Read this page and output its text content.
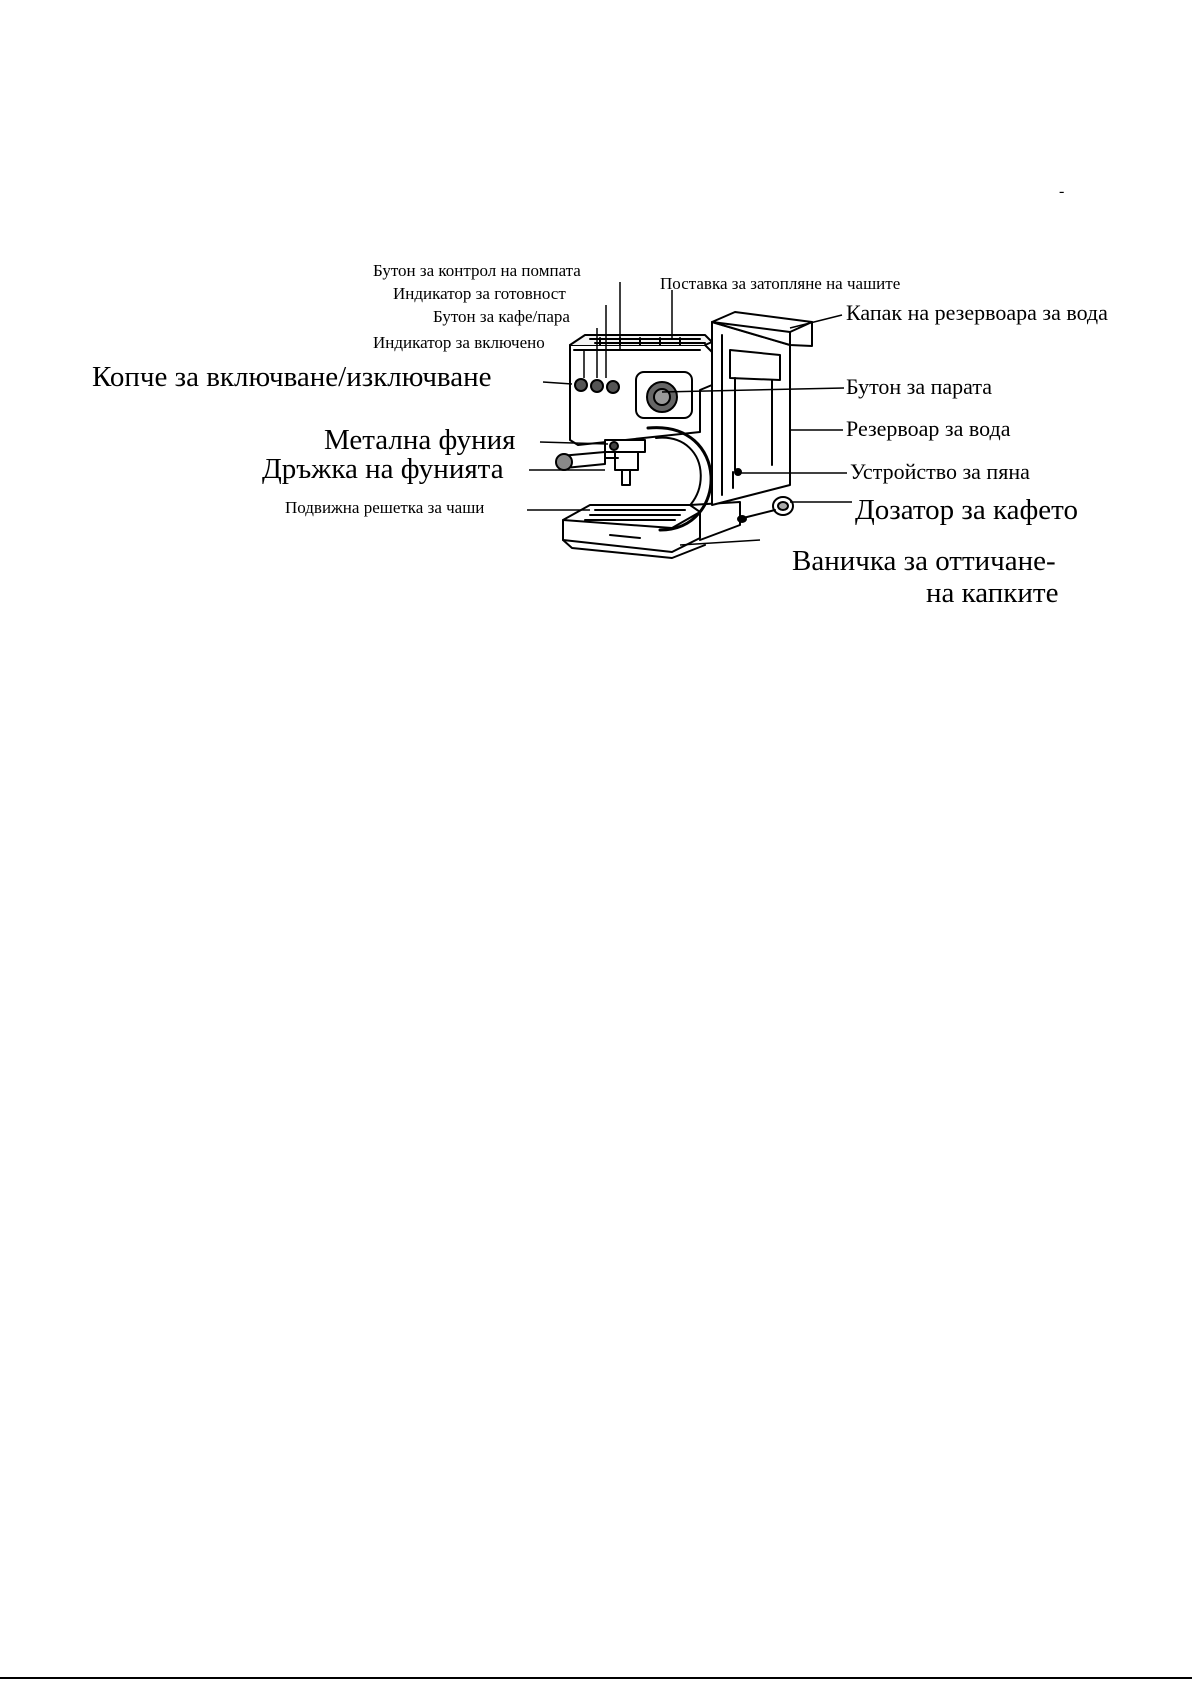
-
Бутон за контрол на помпата
Индикатор за готовност
Бутон за кафе/пара
Индикатор за включено
Копче за включване/изключване
Метална фуния
Дръжка на фунията
Подвижна решетка за чаши
Поставка за затопляне на чашите
Капак на резервоара за вода
Бутон за парата
Резервоар за вода
Устройство за пяна
Дозатор за кафето
Ваничка за оттичане-
на капките
